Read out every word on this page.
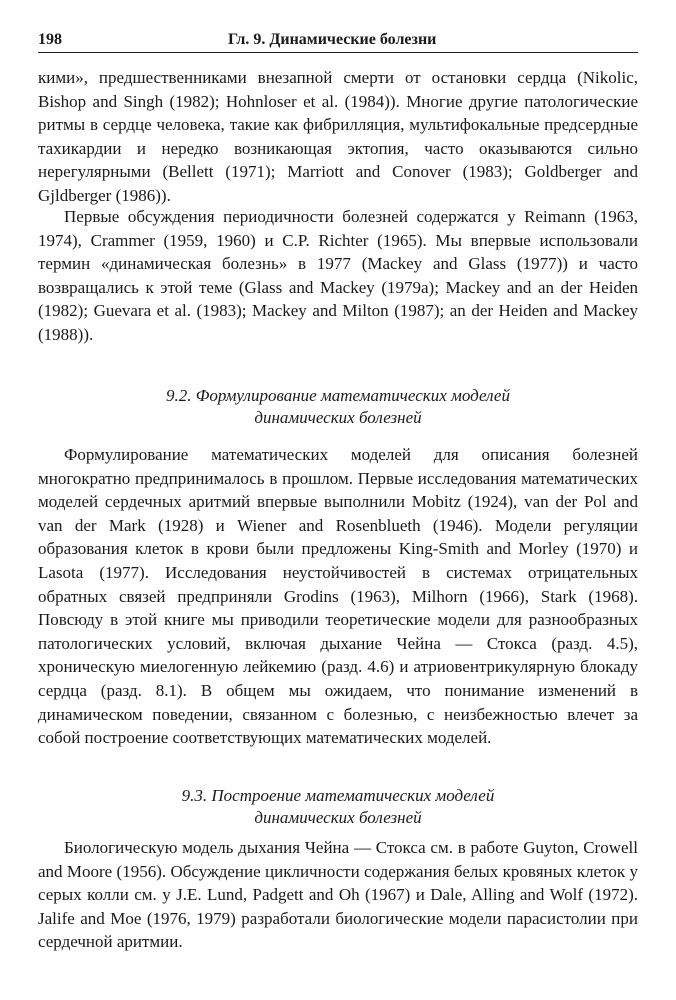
198	Гл. 9. Динамические болезни

кими», предшественниками внезапной смерти от остановки сердца (Nikolic, Bishop and Singh (1982); Hohnloser et al. (1984)). Многие другие патологические ритмы в сердце человека, такие как фибрилляция, мультифокальные предсердные тахикардии и нередко возникающая эктопия, часто оказываются сильно нерегулярными (Bellett (1971); Marriott and Conover (1983); Goldberger and Gjldberger (1986)).

Первые обсуждения периодичности болезней содержатся у Reimann (1963, 1974), Crammer (1959, 1960) и C.P. Richter (1965). Мы впервые использовали термин «динамическая болезнь» в 1977 (Mackey and Glass (1977)) и часто возвращались к этой теме (Glass and Mackey (1979a); Mackey and an der Heiden (1982); Guevara et al. (1983); Mackey and Milton (1987); an der Heiden and Mackey (1988)).

9.2. Формулирование математических моделей
динамических болезней

Формулирование математических моделей для описания болезней многократно предпринималось в прошлом. Первые исследования математических моделей сердечных аритмий впервые выполнили Mobitz (1924), van der Pol and van der Mark (1928) и Wiener and Rosenblueth (1946). Модели регуляции образования клеток в крови были предложены King-Smith and Morley (1970) и Lasota (1977). Исследования неустойчивостей в системах отрицательных обратных связей предприняли Grodins (1963), Milhorn (1966), Stark (1968). Повсюду в этой книге мы приводили теоретические модели для разнообразных патологических условий, включая дыхание Чейна — Стокса (разд. 4.5), хроническую миелогенную лейкемию (разд. 4.6) и атриовентрикулярную блокаду сердца (разд. 8.1). В общем мы ожидаем, что понимание изменений в динамическом поведении, связанном с болезнью, с неизбежностью влечет за собой построение соответствующих математических моделей.

9.3. Построение математических моделей
динамических болезней

Биологическую модель дыхания Чейна — Стокса см. в работе Guyton, Crowell and Moore (1956). Обсуждение цикличности содержания белых кровяных клеток у серых колли см. у J.E. Lund, Padgett and Oh (1967) и Dale, Alling and Wolf (1972). Jalife and Moe (1976, 1979) разработали биологические модели парасистолии при сердечной аритмии.
